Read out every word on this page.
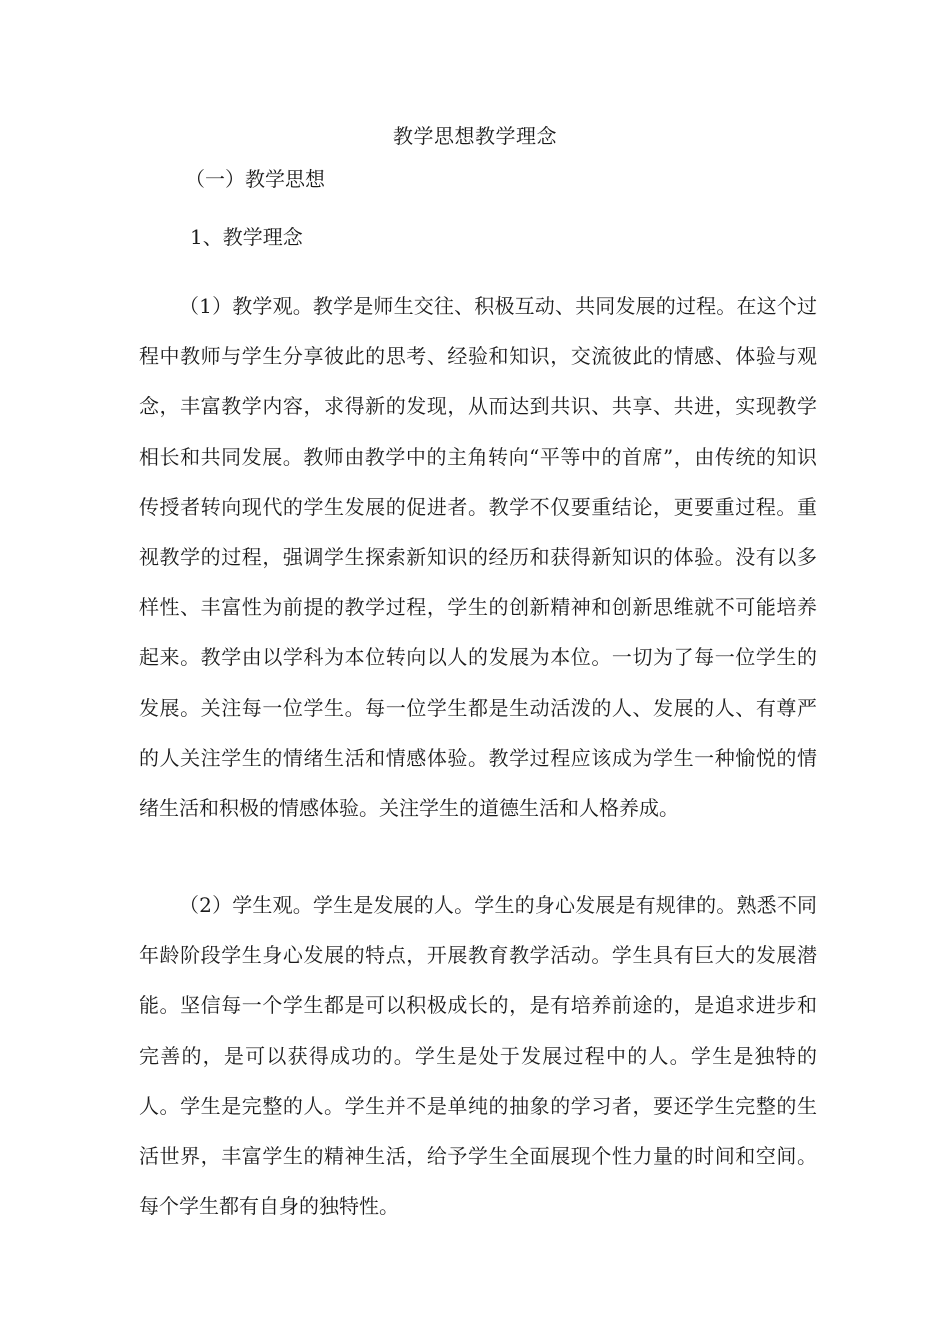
教学思想教学理念
（一）教学思想
1、教学理念

（1）教学观。教学是师生交往、积极互动、共同发展的过程。在这个过程中教师与学生分享彼此的思考、经验和知识，交流彼此的情感、体验与观念，丰富教学内容，求得新的发现，从而达到共识、共享、共进，实现教学相长和共同发展。教师由教学中的主角转向“平等中的首席”，由传统的知识传授者转向现代的学生发展的促进者。教学不仅要重结论，更要重过程。重视教学的过程，强调学生探索新知识的经历和获得新知识的体验。没有以多样性、丰富性为前提的教学过程，学生的创新精神和创新思维就不可能培养起来。教学由以学科为本位转向以人的发展为本位。一切为了每一位学生的发展。关注每一位学生。每一位学生都是生动活泼的人、发展的人、有尊严的人关注学生的情绪生活和情感体验。教学过程应该成为学生一种愉悦的情绪生活和积极的情感体验。关注学生的道德生活和人格养成。

（2）学生观。学生是发展的人。学生的身心发展是有规律的。熟悉不同年龄阶段学生身心发展的特点，开展教育教学活动。学生具有巨大的发展潜能。坚信每一个学生都是可以积极成长的，是有培养前途的，是追求进步和完善的，是可以获得成功的。学生是处于发展过程中的人。学生是独特的人。学生是完整的人。学生并不是单纯的抽象的学习者，要还学生完整的生活世界，丰富学生的精神生活，给予学生全面展现个性力量的时间和空间。每个学生都有自身的独特性。
